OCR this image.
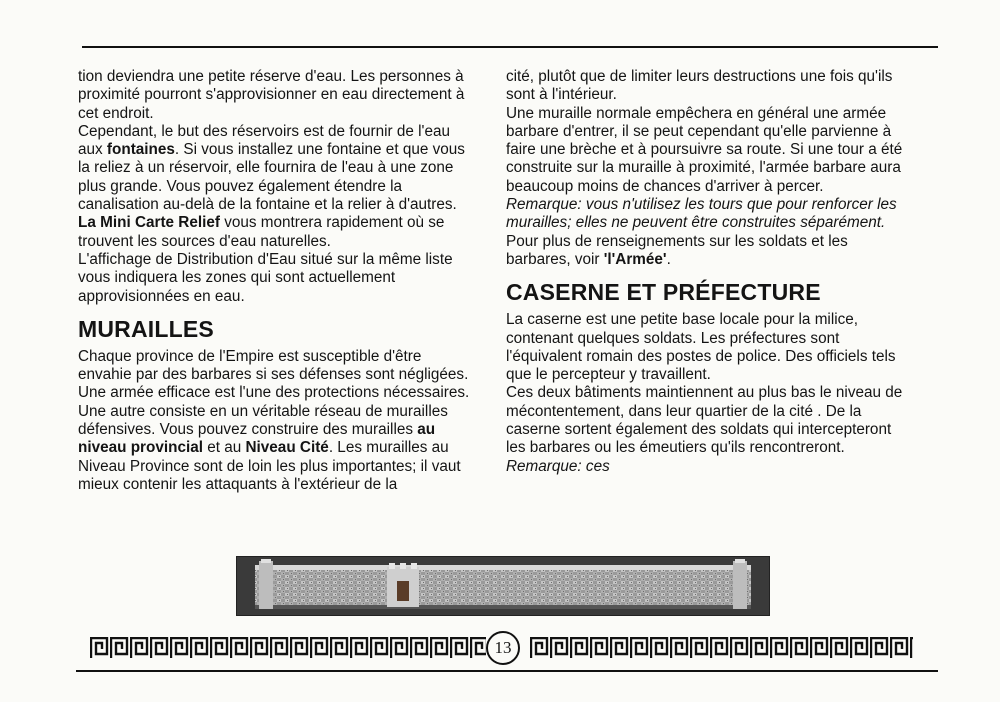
tion deviendra une petite réserve d'eau. Les personnes à proximité pourront s'approvisionner en eau directement à cet endroit.

Cependant, le but des réservoirs est de fournir de l'eau aux fontaines. Si vous installez une fontaine et que vous la reliez à un réservoir, elle fournira de l'eau à une zone plus grande. Vous pouvez également étendre la canalisation au-delà de la fontaine et la relier à d'autres.

La Mini Carte Relief vous montrera rapidement où se trouvent les sources d'eau naturelles.

L'affichage de Distribution d'Eau situé sur la même liste vous indiquera les zones qui sont actuellement approvisionnées en eau.

MURAILLES

Chaque province de l'Empire est susceptible d'être envahie par des barbares si ses défenses sont négligées. Une armée efficace est l'une des protections nécessaires. Une autre consiste en un véritable réseau de murailles défensives. Vous pouvez construire des murailles au niveau provincial et au Niveau Cité. Les murailles au Niveau Province sont de loin les plus importantes; il vaut mieux contenir les attaquants à l'extérieur de la

cité, plutôt que de limiter leurs destructions une fois qu'ils sont à l'intérieur.

Une muraille normale empêchera en général une armée barbare d'entrer, il se peut cependant qu'elle parvienne à faire une brèche et à poursuivre sa route. Si une tour a été construite sur la muraille à proximité, l'armée barbare aura beaucoup moins de chances d'arriver à percer.

Remarque: vous n'utilisez les tours que pour renforcer les murailles; elles ne peuvent être construites séparément. Pour plus de renseignements sur les soldats et les barbares, voir 'l'Armée'.

CASERNE ET PRÉFECTURE

La caserne est une petite base locale pour la milice, contenant quelques soldats. Les préfectures sont l'équivalent romain des postes de police. Des officiels tels que le percepteur y travaillent.

Ces deux bâtiments maintiennent au plus bas le niveau de mécontentement, dans leur quartier de la cité . De la caserne sortent également des soldats qui intercepteront les barbares ou les émeutiers qu'ils rencontreront. Remarque: ces

13
